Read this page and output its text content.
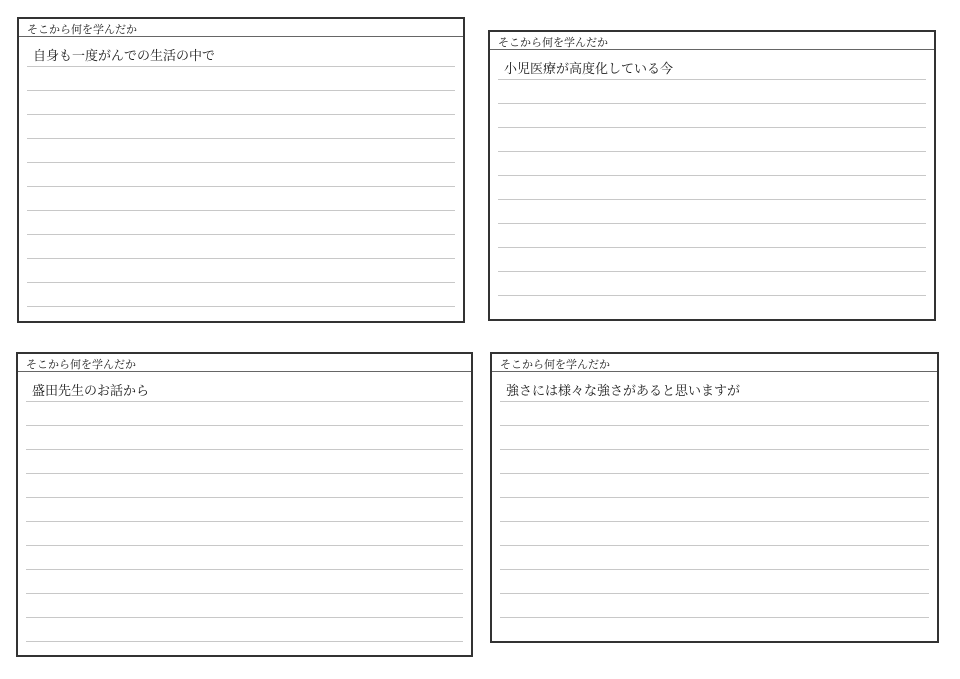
そこから何を学んだか
自身も一度がんでの生活の中で
そこから何を学んだか
小児医療が高度化している今
そこから何を学んだか
盛田先生のお話から
そこから何を学んだか
強さには様々な強さがあると思いますが
